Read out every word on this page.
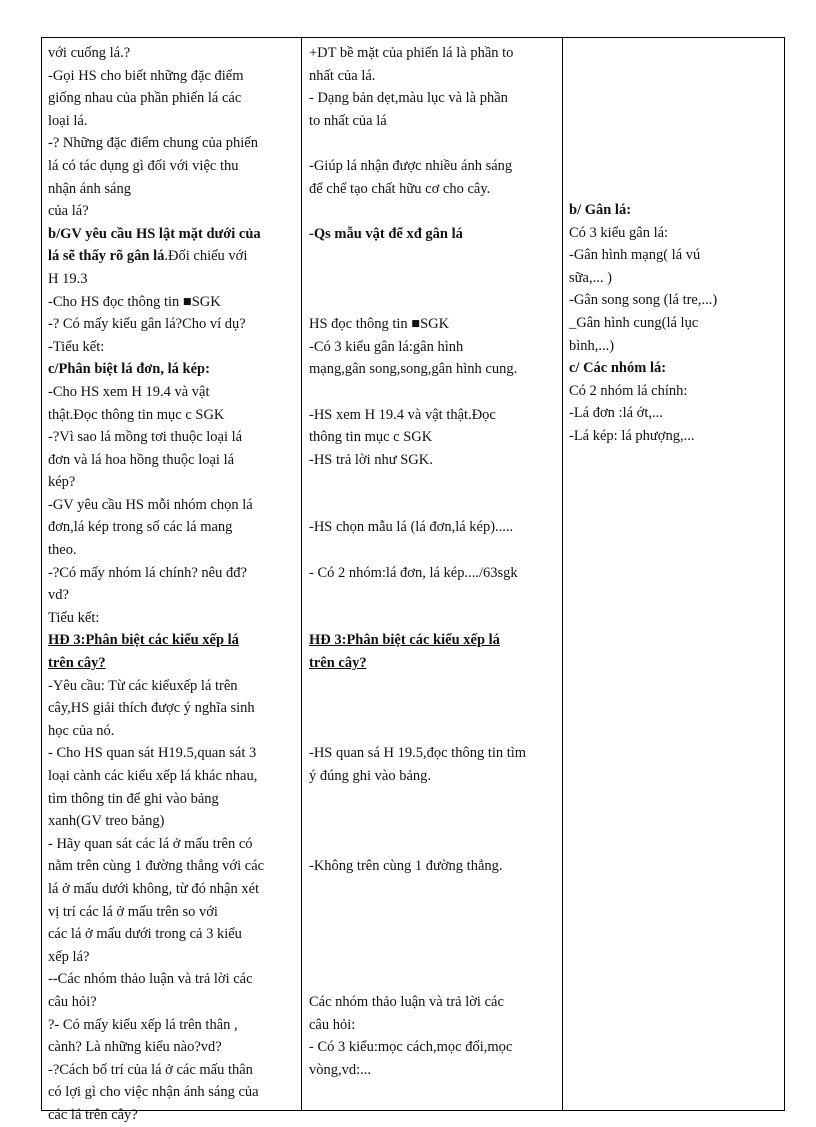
với cuống lá.?
-Gọi HS cho biết những đặc điểm
giống nhau của phần phiến lá các
loại lá.
-? Những đặc điểm chung của phiến
lá có tác dụng gì đối với việc thu
nhận ánh sáng
của lá?
b/GV yêu cầu HS lật mặt dưới của
lá sẽ thấy rõ gân lá.Đối chiếu với
H 19.3
-Cho HS đọc thông tin ■SGK
-? Có mấy kiểu gân lá?Cho ví dụ?
-Tiểu kết:
c/Phân biệt lá đơn, lá kép:
-Cho HS xem H 19.4 và vật
thật.Đọc thông tin mục c SGK
-?Vì sao lá mồng tơi thuộc loại lá
đơn và lá hoa hồng thuộc loại lá
kép?
-GV yêu cầu HS mỗi nhóm chọn lá
đơn,lá kép trong số các lá mang
theo.
-?Có mấy nhóm lá chính? nêu đđ?
vd?
Tiểu kết:
HĐ 3:Phân biệt các kiểu xếp lá
trên cây?
-Yêu cầu: Từ các kiểuxếp lá trên
cây,HS giải thích được ý nghĩa sinh
học của nó.
- Cho HS quan sát H19.5,quan sát 3
loại cành các kiểu xếp lá khác nhau,
tìm thông tin để ghi vào bảng
xanh(GV treo bảng)
- Hãy quan sát các lá ở mấu trên có
nằm trên cùng 1 đường thẳng với các
lá ở mấu dưới không, từ đó nhận xét
vị trí các lá ở mấu trên so với
các lá ở mấu dưới trong cả 3 kiểu
xếp lá?
--Các nhóm thảo luận và trả lời các
câu hỏi?
?- Có mấy kiểu xếp lá trên thân ,
cành? Là những kiểu nào?vd?
-?Cách bố trí của lá ở các mấu thân
có lợi gì cho việc nhận ánh sáng của
các lá trên cây?
+DT bề mặt của phiến lá là phần to
nhất của lá.
- Dạng bản dẹt,màu lục và là phần
to nhất của lá
-Giúp lá nhận được nhiều ánh sáng
để chế tạo chất hữu cơ cho cây.
-Qs mẫu vật để xđ gân lá
HS đọc thông tin ■SGK
-Có 3 kiểu gân lá:gân hình
mạng,gân song,song,gân hình cung.
-HS xem H 19.4 và vật thật.Đọc
thông tin mục c SGK
-HS trả lời như SGK.
-HS chọn mẫu lá (lá đơn,lá kép).....
- Có 2 nhóm:lá đơn, lá kép..../63sgk
HĐ 3:Phân biệt các kiểu xếp lá
trên cây?
-HS quan sá H 19.5,đọc thông tin tìm
ý đúng ghi vào bảng.
-Không trên cùng 1 đường thẳng.
Các nhóm thảo luận và trả lời các
câu hỏi:
- Có 3 kiểu:mọc cách,mọc đối,mọc
vòng,vd:...
b/ Gân lá:
Có 3 kiểu gân lá:
-Gân hình mạng( lá vú
sữa,... )
-Gân song song (lá tre,...)
_Gân hình cung(lá lục
bình,...)
c/ Các nhóm lá:
Có 2 nhóm lá chính:
-Lá đơn :lá ớt,...
-Lá kép: lá phượng,...
